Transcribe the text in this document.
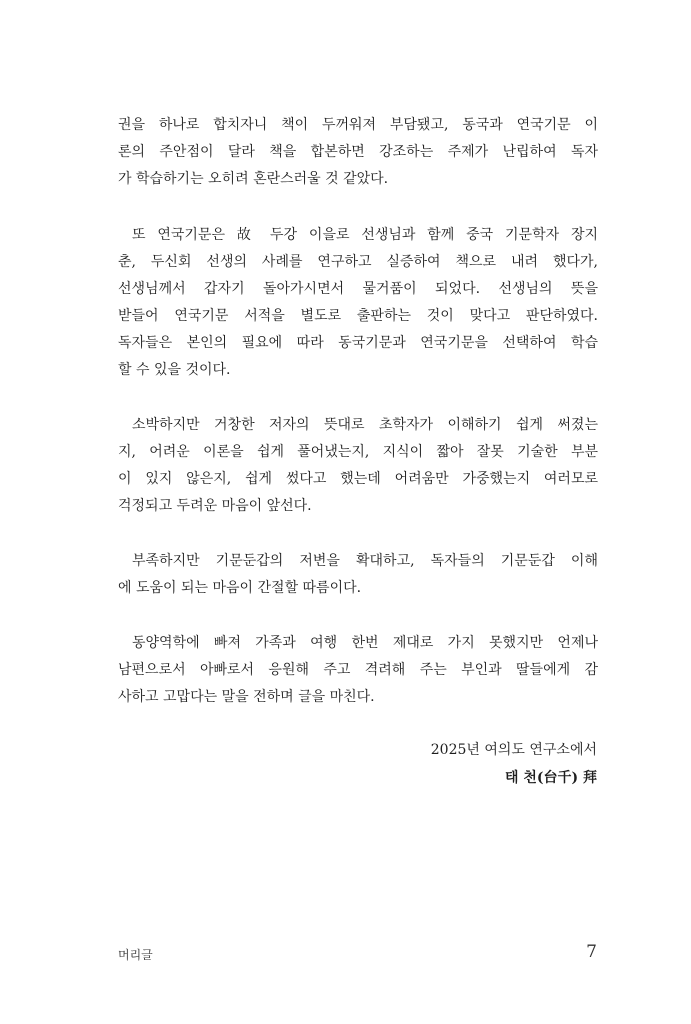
권을 하나로 합치자니 책이 두꺼워져 부담됐고, 동국과 연국기문 이
론의 주안점이 달라 책을 합본하면 강조하는 주제가 난립하여 독자
가 학습하기는 오히려 혼란스러울 것 같았다.
또 연국기문은 故 두강 이을로 선생님과 함께 중국 기문학자 장지
춘, 두신회 선생의 사례를 연구하고 실증하여 책으로 내려 했다가,
선생님께서 갑자기 돌아가시면서 물거품이 되었다. 선생님의 뜻을
받들어 연국기문 서적을 별도로 출판하는 것이 맞다고 판단하였다.
독자들은 본인의 필요에 따라 동국기문과 연국기문을 선택하여 학습
할 수 있을 것이다.
소박하지만 거창한 저자의 뜻대로 초학자가 이해하기 쉽게 써졌는
지, 어려운 이론을 쉽게 풀어냈는지, 지식이 짧아 잘못 기술한 부분
이 있지 않은지, 쉽게 썼다고 했는데 어려움만 가중했는지 여러모로
걱정되고 두려운 마음이 앞선다.
부족하지만 기문둔갑의 저변을 확대하고, 독자들의 기문둔갑 이해
에 도움이 되는 마음이 간절할 따름이다.
동양역학에 빠져 가족과 여행 한번 제대로 가지 못했지만 언제나
남편으로서 아빠로서 응원해 주고 격려해 주는 부인과 딸들에게 감
사하고 고맙다는 말을 전하며 글을 마친다.
2025년 여의도 연구소에서
태 천(台千) 拜
머리글	7
